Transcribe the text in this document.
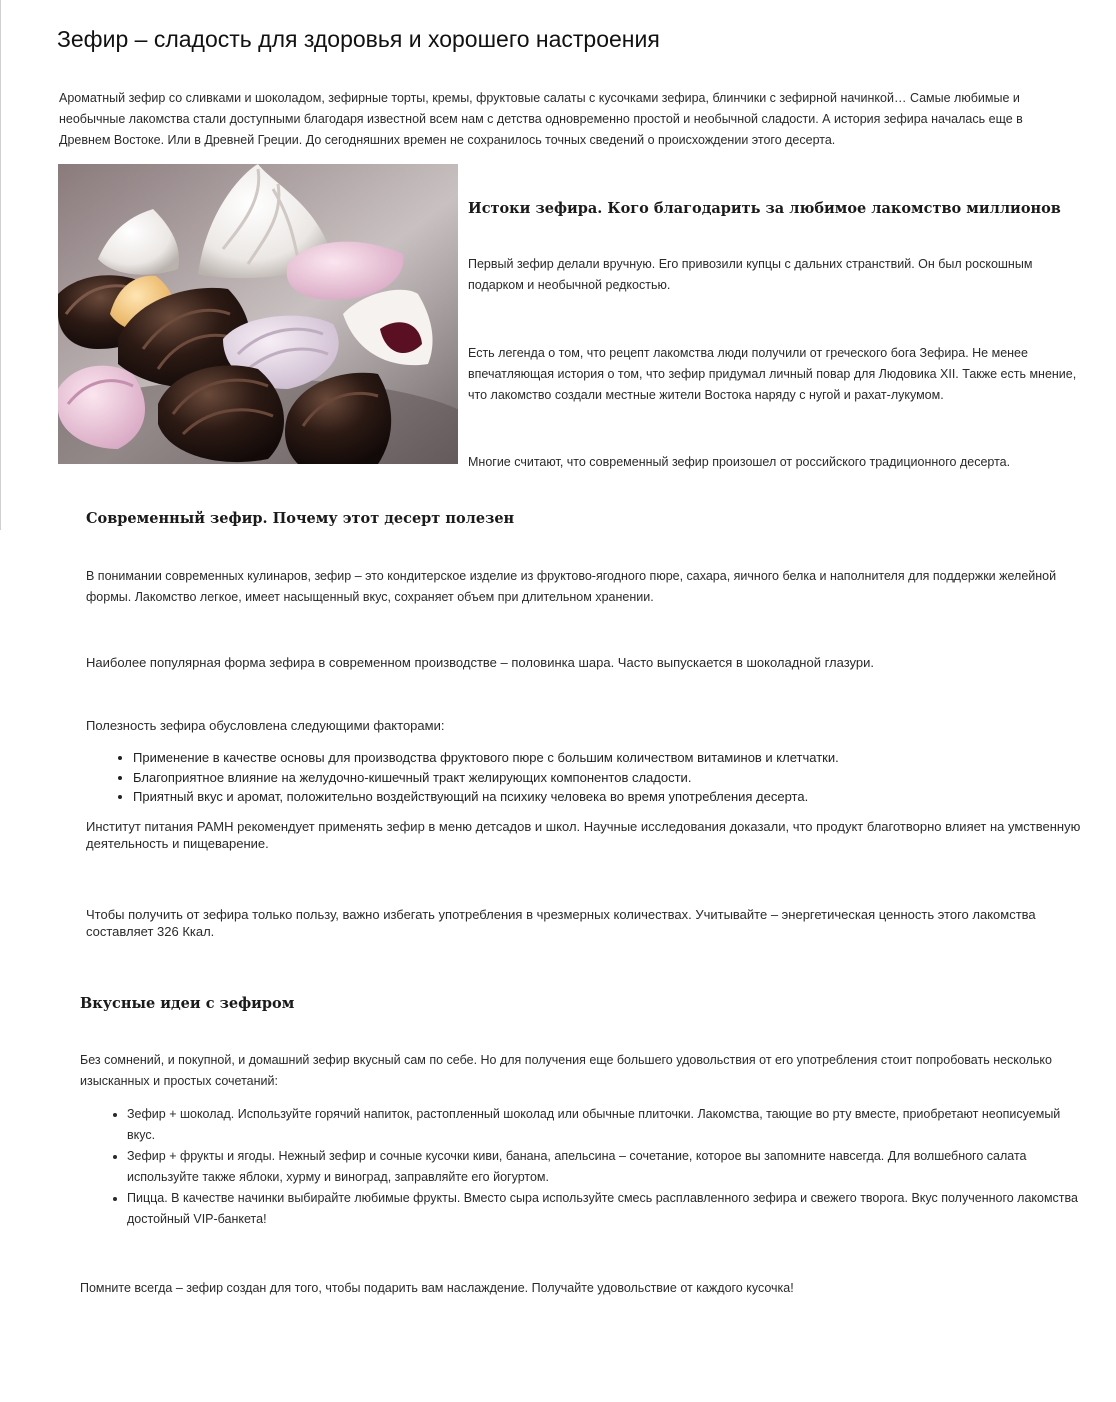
Зефир – сладость для здоровья и хорошего настроения

Ароматный зефир со сливками и шоколадом, зефирные торты, кремы, фруктовые салаты с кусочками зефира, блинчики с зефирной начинкой… Самые любимые и необычные лакомства стали доступными благодаря известной всем нам с детства одновременно простой и необычной сладости. А история зефира началась еще в Древнем Востоке. Или в Древней Греции. До сегодняшних времен не сохранилось точных сведений о происхождении этого десерта.

Истоки зефира. Кого благодарить за любимое лакомство миллионов

Первый зефир делали вручную. Его привозили купцы с дальних странствий. Он был роскошным подарком и необычной редкостью.

Есть легенда о том, что рецепт лакомства люди получили от греческого бога Зефира. Не менее впечатляющая история о том, что зефир придумал личный повар для Людовика XII. Также есть мнение, что лакомство создали местные жители Востока наряду с нугой и рахат-лукумом.

Многие считают, что современный зефир произошел от российского традиционного десерта.

Современный зефир. Почему этот десерт полезен

В понимании современных кулинаров, зефир – это кондитерское изделие из фруктово-ягодного пюре, сахара, яичного белка и наполнителя для поддержки желейной формы. Лакомство легкое, имеет насыщенный вкус, сохраняет объем при длительном хранении.

Наиболее популярная форма зефира в современном производстве – половинка шара. Часто выпускается в шоколадной глазури.

Полезность зефира обусловлена следующими факторами:

• Применение в качестве основы для производства фруктового пюре с большим количеством витаминов и клетчатки.
• Благоприятное влияние на желудочно-кишечный тракт желирующих компонентов сладости.
• Приятный вкус и аромат, положительно воздействующий на психику человека во время употребления десерта.

Институт питания РАМН рекомендует применять зефир в меню детсадов и школ. Научные исследования доказали, что продукт благотворно влияет на умственную деятельность и пищеварение.

Чтобы получить от зефира только пользу, важно избегать употребления в чрезмерных количествах. Учитывайте – энергетическая ценность этого лакомства составляет 326 Ккал.

Вкусные идеи с зефиром

Без сомнений, и покупной, и домашний зефир вкусный сам по себе. Но для получения еще большего удовольствия от его употребления стоит попробовать несколько изысканных и простых сочетаний:

• Зефир + шоколад. Используйте горячий напиток, растопленный шоколад или обычные плиточки. Лакомства, тающие во рту вместе, приобретают неописуемый вкус.
• Зефир + фрукты и ягоды. Нежный зефир и сочные кусочки киви, банана, апельсина – сочетание, которое вы запомните навсегда. Для волшебного салата используйте также яблоки, хурму и виноград, заправляйте его йогуртом.
• Пицца. В качестве начинки выбирайте любимые фрукты. Вместо сыра используйте смесь расплавленного зефира и свежего творога. Вкус полученного лакомства достойный VIP-банкета!

Помните всегда – зефир создан для того, чтобы подарить вам наслаждение. Получайте удовольствие от каждого кусочка!
